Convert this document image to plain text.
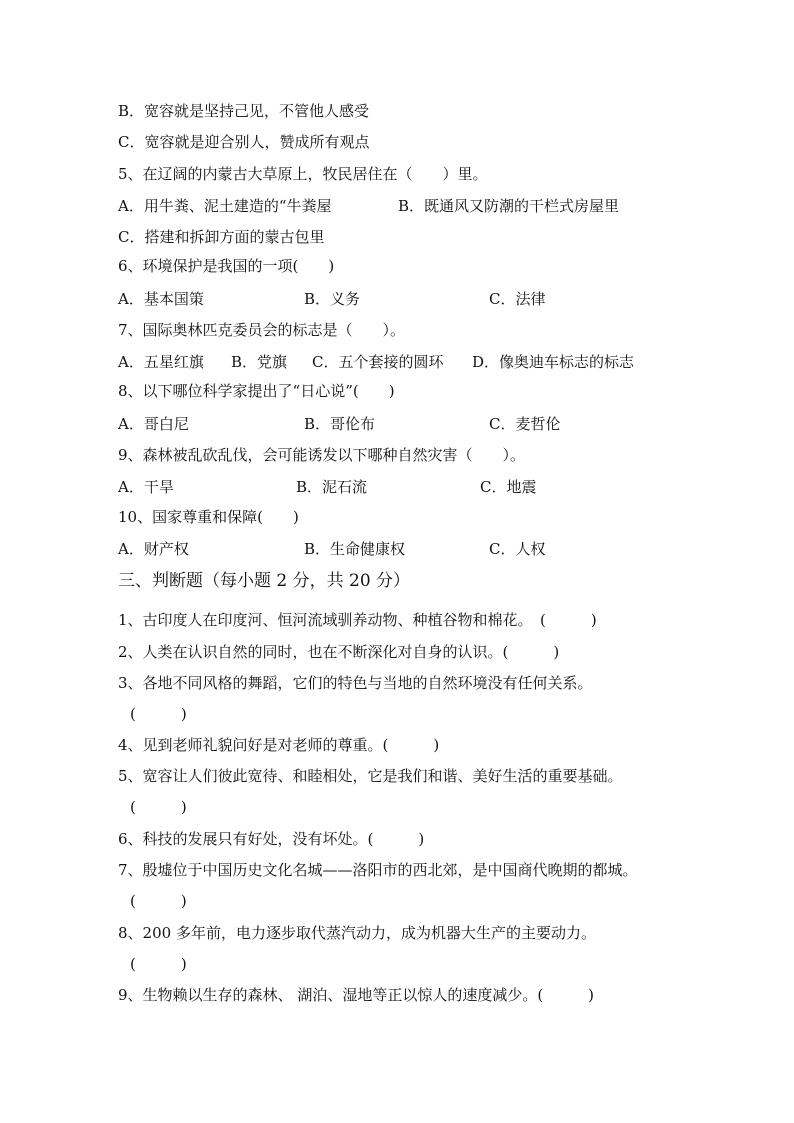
B．宽容就是坚持己见，不管他人感受
C．宽容就是迎合别人，赞成所有观点
5、在辽阔的内蒙古大草原上，牧民居住在（　　）里。
A．用牛粪、泥土建造的“牛粪屋	B．既通风又防潮的干栏式房屋里
C．搭建和拆卸方面的蒙古包里
6、环境保护是我国的一项(　　)
A．基本国策	B．义务	C．法律
7、国际奥林匹克委员会的标志是（　　）。
A．五星红旗 B．党旗 C．五个套接的圆环 D．像奥迪车标志的标志
8、以下哪位科学家提出了“日心说”(　　)
A．哥白尼	B．哥伦布	C．麦哲伦
9、森林被乱砍乱伐，会可能诱发以下哪种自然灾害（　　）。
A．干旱	B．泥石流	C．地震
10、国家尊重和保障(　　)
A．财产权	B．生命健康权	C．人权
三、判断题（每小题 2 分，共 20 分）
1、古印度人在印度河、恒河流域驯养动物、种植谷物和棉花。　(　　　)
2、人类在认识自然的同时，也在不断深化对自身的认识。(　　　)
3、各地不同风格的舞蹈，它们的特色与当地的自然环境没有任何关系。
(　　　)
4、见到老师礼貌问好是对老师的尊重。(　　　)
5、宽容让人们彼此宽待、和睦相处，它是我们和谐、美好生活的重要基础。
(　　　)
6、科技的发展只有好处，没有坏处。(　　　)
7、殷墟位于中国历史文化名城——洛阳市的西北郊，是中国商代晚期的都城。
(　　　)
8、200 多年前，电力逐步取代蒸汽动力，成为机器大生产的主要动力。
(　　　)
9、生物赖以生存的森林、 湖泊、湿地等正以惊人的速度减少。(　　　)
